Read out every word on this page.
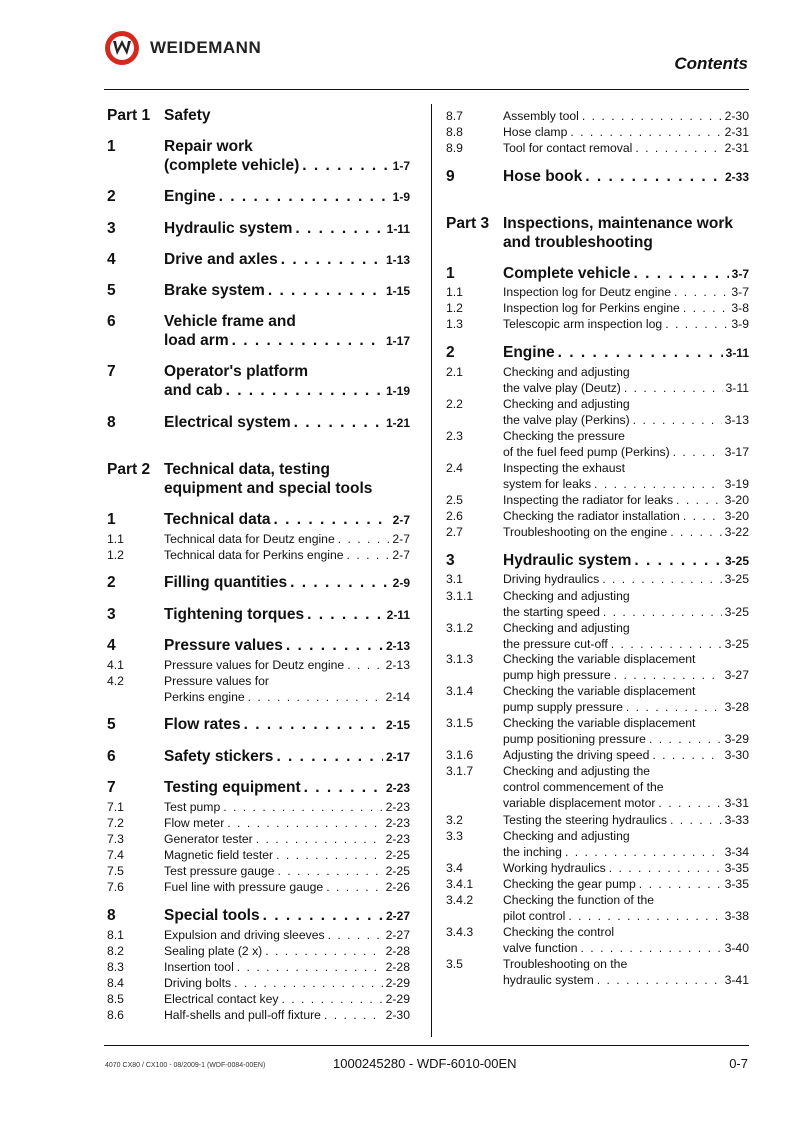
WEIDEMANN
Contents
Part 1 Safety
1	Repair work
(complete vehicle) . . .	1-7
2	Engine . . .	1-9
3	Hydraulic system . . .	1-11
4	Drive and axles . . .	1-13
5	Brake system . . .	1-15
6	Vehicle frame and
load arm . . .	1-17
7	Operator's platform
and cab . . .	1-19
8	Electrical system . . .	1-21
Part 2 Technical data, testing
equipment and special tools
1	Technical data . . .	2-7
1.1	Technical data for Deutz engine . . .	2-7
1.2	Technical data for Perkins engine . . .	2-7
2	Filling quantities . . .	2-9
3	Tightening torques . . .	2-11
4	Pressure values . . .	2-13
4.1	Pressure values for Deutz engine . . .	2-13
4.2	Pressure values for
Perkins engine . . .	2-14
5	Flow rates . . .	2-15
6	Safety stickers . . .	2-17
7	Testing equipment . . .	2-23
7.1	Test pump . . .	2-23
7.2	Flow meter . . .	2-23
7.3	Generator tester . . .	2-23
7.4	Magnetic field tester . . .	2-25
7.5	Test pressure gauge . . .	2-25
7.6	Fuel line with pressure gauge . . .	2-26
8	Special tools . . .	2-27
8.1	Expulsion and driving sleeves . . .	2-27
8.2	Sealing plate (2 x) . . .	2-28
8.3	Insertion tool . . .	2-28
8.4	Driving bolts . . .	2-29
8.5	Electrical contact key . . .	2-29
8.6	Half-shells and pull-off fixture . . .	2-30
8.7	Assembly tool . . .	2-30
8.8	Hose clamp . . .	2-31
8.9	Tool for contact removal . . .	2-31
9	Hose book . . .	2-33
Part 3 Inspections, maintenance work
and troubleshooting
1	Complete vehicle . . .	3-7
1.1	Inspection log for Deutz engine . . .	3-7
1.2	Inspection log for Perkins engine . . .	3-8
1.3	Telescopic arm inspection log . . .	3-9
2	Engine . . .	3-11
2.1	Checking and adjusting
the valve play (Deutz) . . .	3-11
2.2	Checking and adjusting
the valve play (Perkins) . . .	3-13
2.3	Checking the pressure
of the fuel feed pump (Perkins) . . .	3-17
2.4	Inspecting the exhaust
system for leaks . . .	3-19
2.5	Inspecting the radiator for leaks . . .	3-20
2.6	Checking the radiator installation . . .	3-20
2.7	Troubleshooting on the engine . . .	3-22
3	Hydraulic system . . .	3-25
3.1	Driving hydraulics . . .	3-25
3.1.1 Checking and adjusting
the starting speed . . .	3-25
3.1.2 Checking and adjusting
the pressure cut-off . . .	3-25
3.1.3 Checking the variable displacement
pump high pressure . . .	3-27
3.1.4 Checking the variable displacement
pump supply pressure . . .	3-28
3.1.5 Checking the variable displacement
pump positioning pressure . . .	3-29
3.1.6 Adjusting the driving speed . . .	3-30
3.1.7 Checking and adjusting the
control commencement of the
variable displacement motor . . .	3-31
3.2	Testing the steering hydraulics . . .	3-33
3.3	Checking and adjusting
the inching . . .	3-34
3.4	Working hydraulics . . .	3-35
3.4.1 Checking the gear pump . . .	3-35
3.4.2 Checking the function of the
pilot control . . .	3-38
3.4.3 Checking the control
valve function . . .	3-40
3.5	Troubleshooting on the
hydraulic system . . .	3-41
4070 CX80 / CX100 - 08/2009-1 (WDF-0084-00EN)	1000245280 - WDF-6010-00EN	0-7
